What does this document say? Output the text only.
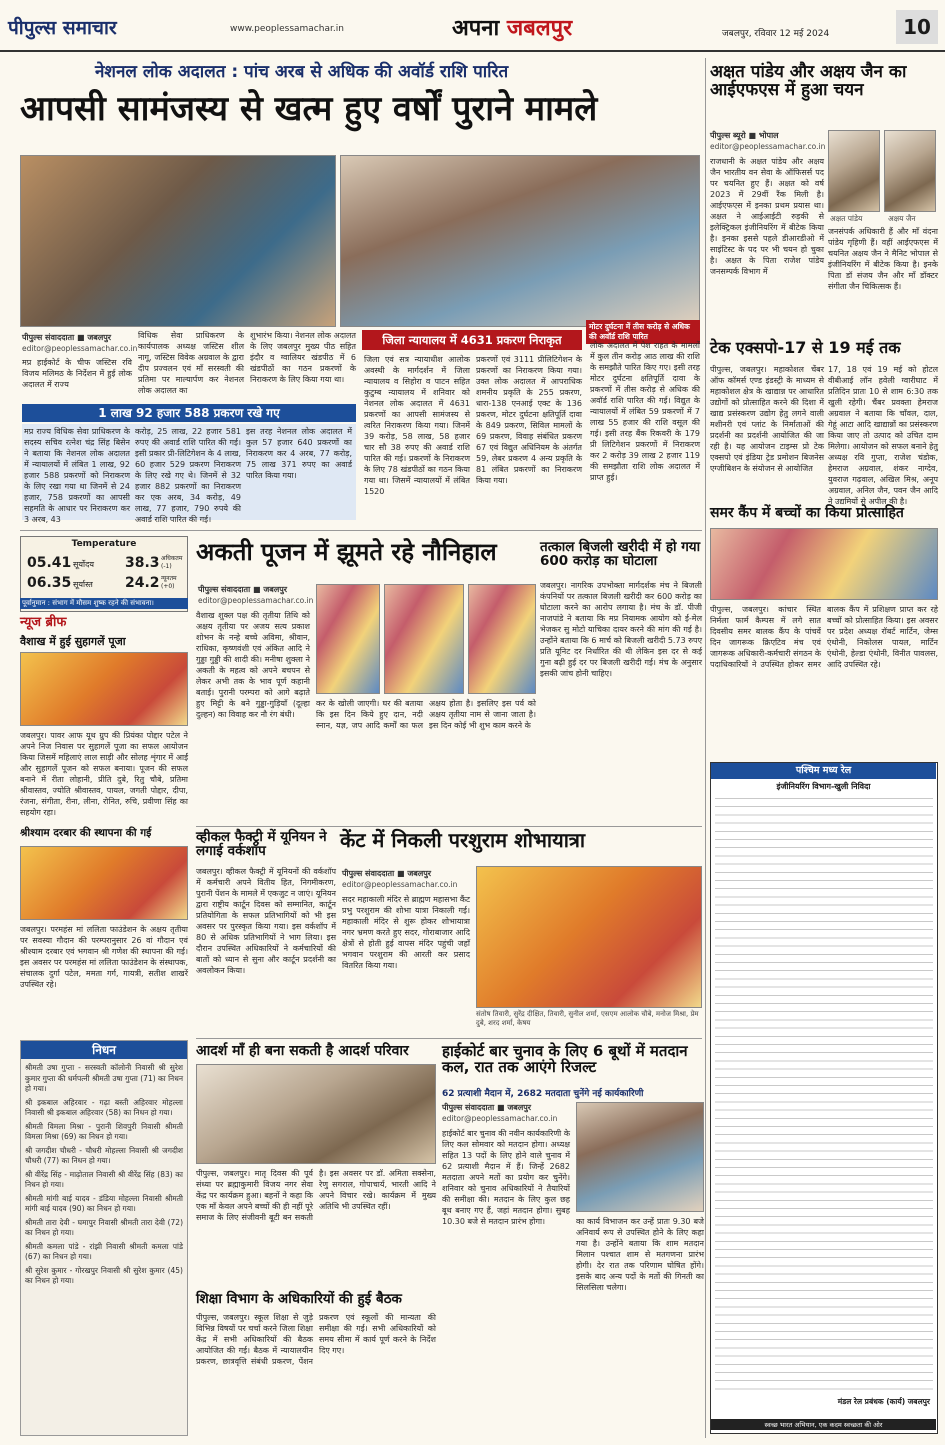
पीपुल्स समाचार	www.peoplessamachar.in	अपना जबलपुर	जबलपुर, रविवार 12 मई 2024	10
नेशनल लोक अदालत : पांच अरब से अधिक की अवॉर्ड राशि पारित
आपसी सामंजस्य से खत्म हुए वर्षों पुराने मामले
मोटर दुर्घटना में तीस करोड़ से अधिक की अवॉर्ड राशि पारित
पीपुल्स संवाददाता ■ जबलपुर
editor@peoplessamachar.co.in
मप्र हाईकोर्ट के चीफ जस्टिस रवि विजय मलिमठ के निर्देशन में हुई लोक अदालत में राज्य
विधिक सेवा प्राधिकरण के कार्यपालक अध्यक्ष जस्टिस शील नागू, जस्टिस विवेक अग्रवाल के द्वारा दीप प्रज्वलन एवं माँ सरस्वती की प्रतिमा पर माल्यार्पण कर नेशनल लोक अदालत का
शुभारंभ किया। नेशनल लोक अदालत के लिए जबलपुर मुख्य पीठ सहित इंदौर व ग्वालियर खंडपीठ में 6 खंडपीठों का गठन प्रकरणों के निराकरण के लिए किया गया था।
1 लाख 92 हजार 588 प्रकरण रखे गए
मप्र राज्य विधिक सेवा प्राधिकरण के सदस्य सचिव रत्नेश चंद्र सिंह बिसेन ने बताया कि नेशनल लोक अदालत में न्यायालयों में लंबित 1 लाख, 92 हजार 588 प्रकरणों को निराकरण के लिए रखा गया था जिनमें से 24 हजार, 758 प्रकरणों का आपसी सहमति के आधार पर निराकरण कर 3 अरब, 43
करोड़, 25 लाख, 22 हजार 581 रुपए की अवार्ड राशि पारित की गई। इसी प्रकार प्री-लिटिगेशन के 4 लाख, 60 हजार 529 प्रकरण निराकरण के लिए रखे गए थे। जिनमें से 32 हजार 882 प्रकरणों का निराकरण कर एक अरब, 34 करोड़, 49 लाख, 77 हजार, 790 रुपये की अवार्ड राशि पारित की गई।
इस तरह नेशनल लोक अदालत में कुल 57 हजार 640 प्रकरणों का निराकरण कर 4 अरब, 77 करोड़, 75 लाख 371 रुपए का अवार्ड पारित किया गया।
जिला न्यायालय में 4631 प्रकरण निराकृत
जिला एवं सत्र न्यायाधीश आलोक अवस्थी के मार्गदर्शन में जिला न्यायालय व सिहोरा व पाटन सहित कुटुम्ब न्यायालय में शनिवार को नेशनल लोक अदालत में 4631 प्रकरणों का आपसी सामंजस्य से त्वरित निराकरण किया गया। जिनमें 39 करोड़, 58 लाख, 58 हजार चार सौ 38 रुपए की अवार्ड राशि पारित की गई। प्रकरणों के निराकरण के लिए 78 खंडपीठों का गठन किया गया था। जिसमें न्यायालयों में लंबित 1520
प्रकरणों एवं 3111 प्रीलिटिगेशन के प्रकरणों का निराकरण किया गया। उक्त लोक अदालत में आपराधिक शमनीय प्रकृति के 255 प्रकरण, धारा-138 एनआई एक्ट के 136 प्रकरण, मोटर दुर्घटना क्षतिपूर्ति दावा के 849 प्रकरण, सिविल मामलों के 69 प्रकरण, विवाह संबंधित प्रकरण 67 एवं विद्युत अधिनियम के अंतर्गत 59, लेबर प्रकरण 4 अन्य प्रकृति के 81 लंबित प्रकरणों का निराकरण किया गया।
लोक अदालत में पेश राहत के मामलों में कुल तीन करोड़ आठ लाख की राशि के समझौते पारित किए गए। इसी तरह मोटर दुर्घटना क्षतिपूर्ति दावा के प्रकरणों में तीस करोड़ से अधिक की अवॉर्ड राशि पारित की गई। विद्युत के न्यायालयों में लंबित 59 प्रकरणों में 7 लाख 55 हजार की राशि वसूल की गई। इसी तरह बैंक रिकवरी के 179 प्री लिटिगेशन प्रकरणों में निराकरण कर 2 करोड़ 39 लाख 2 हजार 119 की समझौता राशि लोक अदालत में प्राप्त हुई।
अक्षत पांडेय और अक्षय जैन का आईएफएस में हुआ चयन
पीपुल्स ब्यूरो ■ भोपाल
editor@peoplessamachar.co.in
राजधानी के अक्षत पांडेय और अक्षय जैन भारतीय वन सेवा के ऑफिसर्स पद पर चयनित हुए हैं। अक्षत को वर्ष 2023 में 29वीं रैंक मिली है। आईएफएस में इनका प्रथम प्रयास था। अक्षत ने आईआईटी रुड़की से इलेक्ट्रिकल इंजीनियरिंग में बीटेक किया है। इनका इससे पहले डीआरडीओ में साइंटिस्ट के पद पर भी चयन हो चुका है। अक्षत के पिता राजेश पांडेय जनसम्पर्क विभाग में
अक्षत पांडेय	अक्षय जैन
जनसंपर्क अधिकारी हैं और माँ वंदना पांडेय गृहिणी हैं। वहीं आईएफएस में चयनित अक्षय जैन ने मैनिट भोपाल से इंजीनियरिंग में बीटेक किया है। इनके पिता डॉ संजय जैन और माँ डॉक्टर संगीता जैन चिकित्सक हैं।
टेक एक्सपो-17 से 19 मई तक
पीपुल्स, जबलपुर। महाकोशल चेंबर ऑफ कॉमर्स एण्ड इंडस्ट्री के माध्यम से महाकोशल क्षेत्र के खाद्यान्न पर आधारित उद्योगों को प्रोत्साहित करने की दिशा में खाद्य प्रसंस्करण उद्योग हेतु लगने वाली मशीनरी एवं प्लांट के निर्माताओं की प्रदर्शनी का प्रदर्शनी आयोजित की जा रही है। यह आयोजन टाइम्स प्रो टेक एक्सपो एवं इंडिया ट्रेड प्रमोशन बिजनेस एग्जीबिशन के संयोजन से आयोजित
17, 18 एवं 19 मई को होटल वीबीआई लॉन हवेली ग्वारीघाट में प्रतिदिन प्रातः 10 से शाम 6:30 तक खुली रहेगी। चैंबर प्रवक्ता हेमराज अग्रवाल ने बताया कि चाँवल, दाल, गेहूं आटा आदि खाद्यान्नों का प्रसंस्करण किया जाए तो उत्पाद को उचित दाम मिलेगा। आयोजन को सफल बनाने हेतु अध्यक्ष रवि गुप्ता, राजेश चंडोक, हेमराज अग्रवाल, शंकर नाग्देव, युवराज गढ़वाल, अखिल मिश्र, अनूप अग्रवाल, अनिल जैन, पवन जैन आदि ने उद्यमियों से अपील की है।
समर कैंप में बच्चों का किया प्रोत्साहित
पीपुल्स, जबलपुर। कांचार स्थित निर्मला फार्म कैम्पस में लगे सात दिवसीय समर बालक कैंप के पांचवें दिन जागरूक क्रिएटिव मंच एवं जागरूक अधिकारी-कर्मचारी संगठन के पदाधिकारियों ने उपस्थित होकर समर बालक कैंप में प्रशिक्षण प्राप्त कर रहे बच्चों को प्रोत्साहित किया। इस अवसर पर प्रदेश अध्यक्ष रॉबर्ट मार्टिन, जेम्स एंथोनी, निकोलस पायल, मार्टिन एंथोनी, हेल्डा एंथोनी, विनीत पावलस, आदि उपस्थित रहे।
Temperature
05.41 सूर्योदय
06.35 सूर्यास्त
38.3 अधिकतम (-1)
24.2 न्यूनतम (+0)
पूर्वानुमान : संभाग में मौसम शुष्क रहने की संभावना।
न्यूज ब्रीफ
वैशाख में हुई सुहागलें पूजा
जबलपुर। पावर आफ यूथ ग्रुप की प्रियंका पोद्दार पटेल ने अपने निज निवास पर सुहागलें पूजा का सफल आयोजन किया जिसमें महिलाएं लाल साड़ी और सोलह शृंगार में आईं और सुहागलें पूजन को सफल बनाया। पूजन की सफल बनाने में रीता लोहानी, प्रीति दुबे, रितु चौबे, प्रतिमा श्रीवास्तव, ज्योति श्रीवास्तव, पायल, जगती पोद्दार, दीपा, रंजना, संगीता, रीना, लीना, रोनित, रुचि, प्रवीणा सिंह का सहयोग रहा।
श्रीश्याम दरबार की स्थापना की गई
जबलपुर। परमहंस मां ललिता फाउंडेशन के अक्षय तृतीया पर सवस्या गौदान की परम्परानुसार 26 वां गौदान एवं श्रीश्याम दरबार एवं भगवान श्री गणेश की स्थापना की गई। इस अवसर पर परमहंस मां ललिता फाउंडेशन के संस्थापक, संचालक दुर्गा पटेल, ममता गर्ग, गायत्री, सतीश शाखरें उपस्थित रहे।
अकती पूजन में झूमते रहे नौनिहाल
पीपुल्स संवाददाता ■ जबलपुर
editor@peoplessamachar.co.in
वैशाख शुक्ल पक्ष की तृतीया तिथि को अक्षय तृतीया पर अजय सत्य प्रकाश शोभन के नन्हे बच्चे अविमा, श्रीवान, राधिका, कृष्णवंशी एवं अंकित आदि ने गुड्डा गुड्डी की शादी की। मनीषा शुक्ला ने अकती के महत्व को अपने बचपन से लेकर अभी तक के भाव पूर्ण कहानी बताई। पुरानी परम्परा को आगे बढ़ाते हुए मिट्टी के बने गुड्डा-गुड़ियाँ (दूल्हा दुल्हन) का विवाह कर नौ रंग बंधी।
कर के खोली जाएगी। घर की बताया कि इस दिन किये हुए दान, नदी स्नान, यज्ञ, जप आदि कर्मों का फल अक्षय होता है। इसलिए इस पर्व को अक्षय तृतीया नाम से जाना जाता है। इस दिन कोई भी शुभ काम करने के
तत्काल बिजली खरीदी में हो गया 600 करोड़ का घोटाला
जबलपुर। नागरिक उपभोक्ता मार्गदर्शक मंच ने बिजली कंपनियों पर तत्काल बिजली खरीदी कर 600 करोड़ का घोटाला करने का आरोप लगाया है। मंच के डॉ. पीजी नाजपांडे ने बताया कि मप्र नियामक आयोग को ई-मेल भेजकर सु मोटो याचिका दायर करने की मांग की गई है। उन्होंने बताया कि 6 मार्च को बिजली खरीदी 5.73 रुपए प्रति यूनिट दर निर्धारित की थी लेकिन इस दर से कई गुना बढ़ी हुई दर पर बिजली खरीदी गई। मंच के अनुसार इसकी जांच होनी चाहिए।
व्हीकल फैक्ट्री में यूनियन ने लगाई वर्कशॉप
जबलपुर। व्हीकल फैक्ट्री में यूनियनों की वर्कशॉप में कर्मचारी अपने वितीय हित, निगमीकरण, पुरानी पेंशन के मामले में एकजुट न जाएं। यूनियन द्वारा राष्ट्रीय कार्टून दिवस को सम्मानित, कार्टून प्रतियोगिता के सफल प्रतिभागियों को भी इस अवसर पर पुरस्कृत किया गया। इस वर्कशॉप में 80 से अधिक प्रतिभागियों ने भाग लिया। इस दौरान उपस्थित अधिकारियों ने कर्मचारियों की बातों को ध्यान से सुना और कार्टून प्रदर्शनी का अवलोकन किया।
केंट में निकली परशुराम शोभायात्रा
पीपुल्स संवाददाता ■ जबलपुर
editor@peoplessamachar.co.in
सदर महाकाली मंदिर से ब्राह्मण महासभा कैंट प्रभु परशुराम की शोभा यात्रा निकाली गई। महाकाली मंदिर से शुरू होकर शोभायात्रा नगर भ्रमण करते हुए सदर, गोराबाजार आदि क्षेत्रों से होती हुई वापस मंदिर पहुंची जहाँ भगवान परशुराम की आरती कर प्रसाद वितरित किया गया।
संतोष तिवारी, सुरेंद्र दीक्षित, तिवारी, सुनील शर्मा, एसएम आलोक चौबे, मनोज मिश्रा, प्रेम दुबे, शरद शर्मा, केषय
पश्चिम मध्य रेल
इंजीनियरिंग विभाग-खुली निविदा
मंडल रेल प्रबंधक (कार्य) जबलपुर
स्वच्छ भारत अभियान, एक कदम स्वच्छता की ओर
निधन
श्रीमती उषा गुप्ता - सरस्वती कॉलोनी निवासी श्री सुरेश कुमार गुप्ता की धर्मपत्नी श्रीमती उषा गुप्ता (71) का निधन हो गया।
श्री इकबाल अहिरवार - गढ़ा बस्ती अहिरवार मोहल्ला निवासी श्री इकबाल अहिरवार (58) का निधन हो गया।
श्रीमती विमला मिश्रा - पुरानी शिवपुरी निवासी श्रीमती विमला मिश्रा (69) का निधन हो गया।
श्री जगदीश चौधरी - चौधरी मोहल्ला निवासी श्री जगदीश चौधरी (77) का निधन हो गया।
श्री वीरेंद्र सिंह - माढ़ोताल निवासी श्री वीरेंद्र सिंह (83) का निधन हो गया।
श्रीमती मांगी बाई यादव - डंडिया मोहल्ला निवासी श्रीमती मांगी बाई यादव (90) का निधन हो गया।
श्रीमती तारा देवी - घमापुर निवासी श्रीमती तारा देवी (72) का निधन हो गया।
श्रीमती कमला पांडे - रांझी निवासी श्रीमती कमला पांडे (67) का निधन हो गया।
श्री सुरेश कुमार - गोरखपुर निवासी श्री सुरेश कुमार (45) का निधन हो गया।
आदर्श माँ ही बना सकती है आदर्श परिवार
पीपुल्स, जबलपुर। मातृ दिवस की पूर्व संध्या पर ब्रह्माकुमारी विजय नगर सेवा केंद्र पर कार्यक्रम हुआ। बहनों ने कहा कि एक माँ केवल अपने बच्चों की ही नहीं पूरे समाज के लिए संजीवनी बूटी बन सकती है। इस अवसर पर डॉ. अमिता सक्सेना, रेणु सगराल, गोपाचार्य, भारती आदि ने अपने विचार रखे। कार्यक्रम में मुख्य अतिथि भी उपस्थित रहीं।
शिक्षा विभाग के अधिकारियों की हुई बैठक
पीपुल्स, जबलपुर। स्कूल शिक्षा से जुड़े विभिन्न विषयों पर चर्चा करने जिला शिक्षा केंद्र में सभी अधिकारियों की बैठक आयोजित की गई। बैठक में न्यायालयीन प्रकरण, छात्रवृत्ति संबंधी प्रकरण, पेंशन प्रकरण एवं स्कूलों की मान्यता की समीक्षा की गई। सभी अधिकारियों को समय सीमा में कार्य पूर्ण करने के निर्देश दिए गए।
हाईकोर्ट बार चुनाव के लिए 6 बूथों में मतदान कल, रात तक आएंगे रिजल्ट
62 प्रत्याशी मैदान में, 2682 मतदाता चुनेंगे नई कार्यकारिणी
पीपुल्स संवाददाता ■ जबलपुर
editor@peoplessamachar.co.in
हाईकोर्ट बार चुनाव की नवीन कार्यकारिणी के लिए कल सोमवार को मतदान होगा। अध्यक्ष सहित 13 पदों के लिए होने वाले चुनाव में 62 प्रत्याशी मैदान में हैं। जिन्हें 2682 मतदाता अपने मतों का प्रयोग कर चुनेंगे। शनिवार को चुनाव अधिकारियों ने तैयारियों की समीक्षा की। मतदान के लिए कुल छह बूथ बनाए गए हैं, जहां मतदान होगा। सुबह 10.30 बजे से मतदान प्रारंभ होगा।	का कार्य विभाजन कर उन्हें प्रातः 9.30 बजे अनिवार्य रूप से उपस्थित होने के लिए कहा गया है। उन्होंने बताया कि शाम मतदान मिलान पश्चात शाम से मतगणना प्रारंभ होगी। देर रात तक परिणाम घोषित होंगे। इसके बाद अन्य पदों के मतों की गिनती का सिलसिला चलेगा।
